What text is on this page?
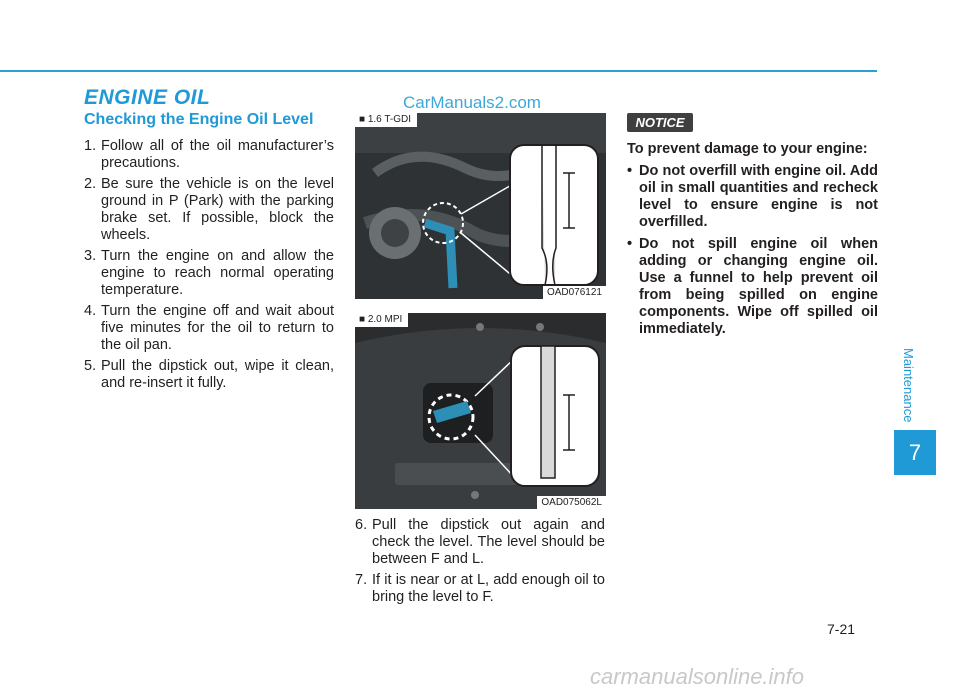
ENGINE OIL	CarManuals2.com
Checking the Engine Oil Level
1. Follow all of the oil manufacturer’s precautions.
2. Be sure the vehicle is on the level ground in P (Park) with the parking brake set. If possible, block the wheels.
3. Turn the engine on and allow the engine to reach normal operating temperature.
4. Turn the engine off and wait about five minutes for the oil to return to the oil pan.
5. Pull the dipstick out, wipe it clean, and re-insert it fully.
■ 1.6 T-GDI
OAD076121
■ 2.0 MPI
OAD075062L
6. Pull the dipstick out again and check the level. The level should be between F and L.
7. If it is near or at L, add enough oil to bring the level to F.
NOTICE
To prevent damage to your engine:
• Do not overfill with engine oil. Add oil in small quantities and recheck level to ensure engine is not overfilled.
• Do not spill engine oil when adding or changing engine oil. Use a funnel to help prevent oil from being spilled on engine components. Wipe off spilled oil immediately.
Maintenance
7
7-21
carmanualsonline.info
